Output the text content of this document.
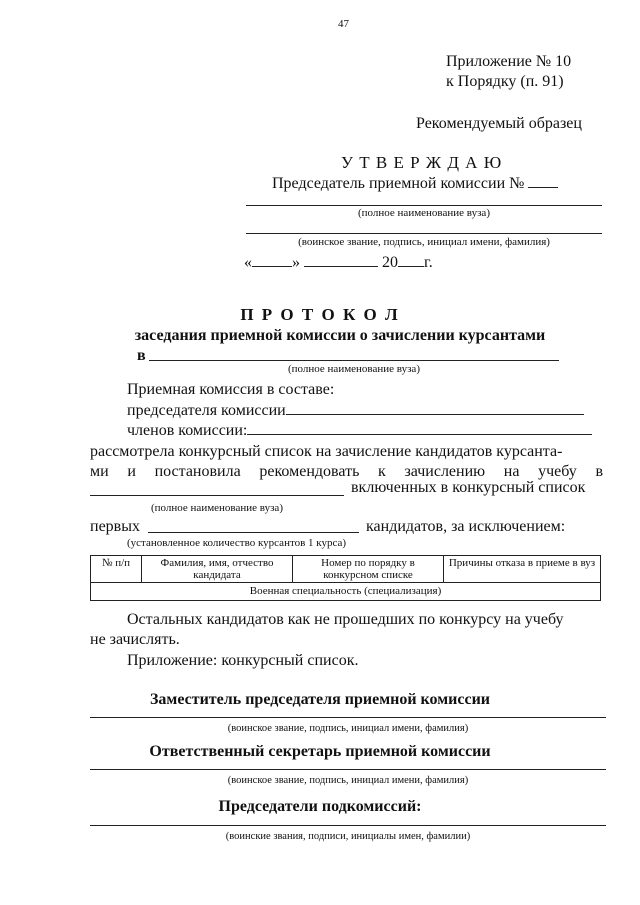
47
Приложение № 10
к Порядку (п. 91)
Рекомендуемый образец
У Т В Е Р Ж Д А Ю
Председатель приемной комиссии №
(полное наименование вуза)
(воинское звание, подпись, инициал имени, фамилия)
«	»	20 г.
П Р О Т О К О Л
заседания приемной комиссии о зачислении курсантами
в
(полное наименование вуза)
Приемная комиссия в составе:
председателя комиссии
членов комиссии:
рассмотрела конкурсный список на зачисление кандидатов курсанта-
ми и постановила рекомендовать к зачислению на учебу в
включенных в конкурсный список
(полное наименование вуза)
первых	кандидатов, за исключением:
(установленное количество курсантов 1 курса)
№ п/п	Фамилия, имя, отчество кандидата	Номер по порядку в конкурсном списке	Причины отказа в приеме в вуз
Военная специальность (специализация)
Остальных кандидатов как не прошедших по конкурсу на учебу
не зачислять.
Приложение: конкурсный список.
Заместитель председателя приемной комиссии
(воинское звание, подпись, инициал имени, фамилия)
Ответственный секретарь приемной комиссии
(воинское звание, подпись, инициал имени, фамилия)
Председатели подкомиссий:
(воинские звания, подписи, инициалы имен, фамилии)
